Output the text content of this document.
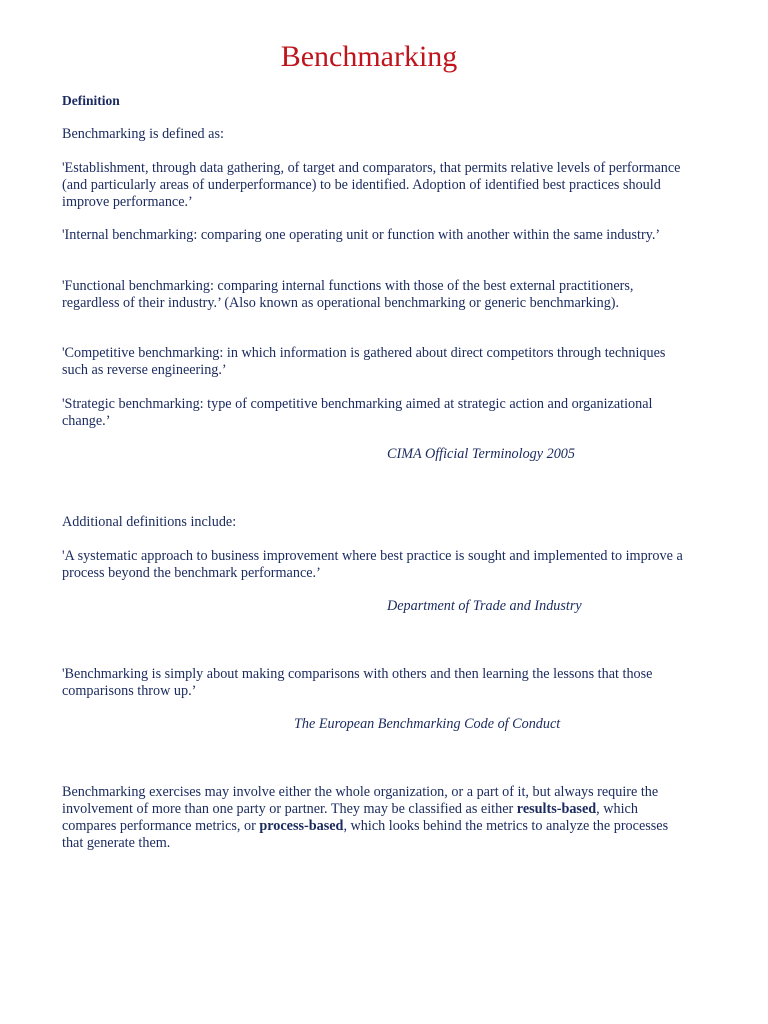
Benchmarking

Definition

Benchmarking is defined as:

'Establishment, through data gathering, of target and comparators, that permits relative levels of performance (and particularly areas of underperformance) to be identified. Adoption of identified best practices should improve performance.’

'Internal benchmarking: comparing one operating unit or function with another within the same industry.’

'Functional benchmarking: comparing internal functions with those of the best external practitioners, regardless of their industry.’ (Also known as operational benchmarking or generic benchmarking).

'Competitive benchmarking: in which information is gathered about direct competitors through techniques such as reverse engineering.’

'Strategic benchmarking: type of competitive benchmarking aimed at strategic action and organizational change.’

CIMA Official Terminology 2005

Additional definitions include:

'A systematic approach to business improvement where best practice is sought and implemented to improve a process beyond the benchmark performance.’

Department of Trade and Industry

'Benchmarking is simply about making comparisons with others and then learning the lessons that those comparisons throw up.’

The European Benchmarking Code of Conduct

Benchmarking exercises may involve either the whole organization, or a part of it, but always require the involvement of more than one party or partner. They may be classified as either results-based, which compares performance metrics, or process-based, which looks behind the metrics to analyze the processes that generate them.
